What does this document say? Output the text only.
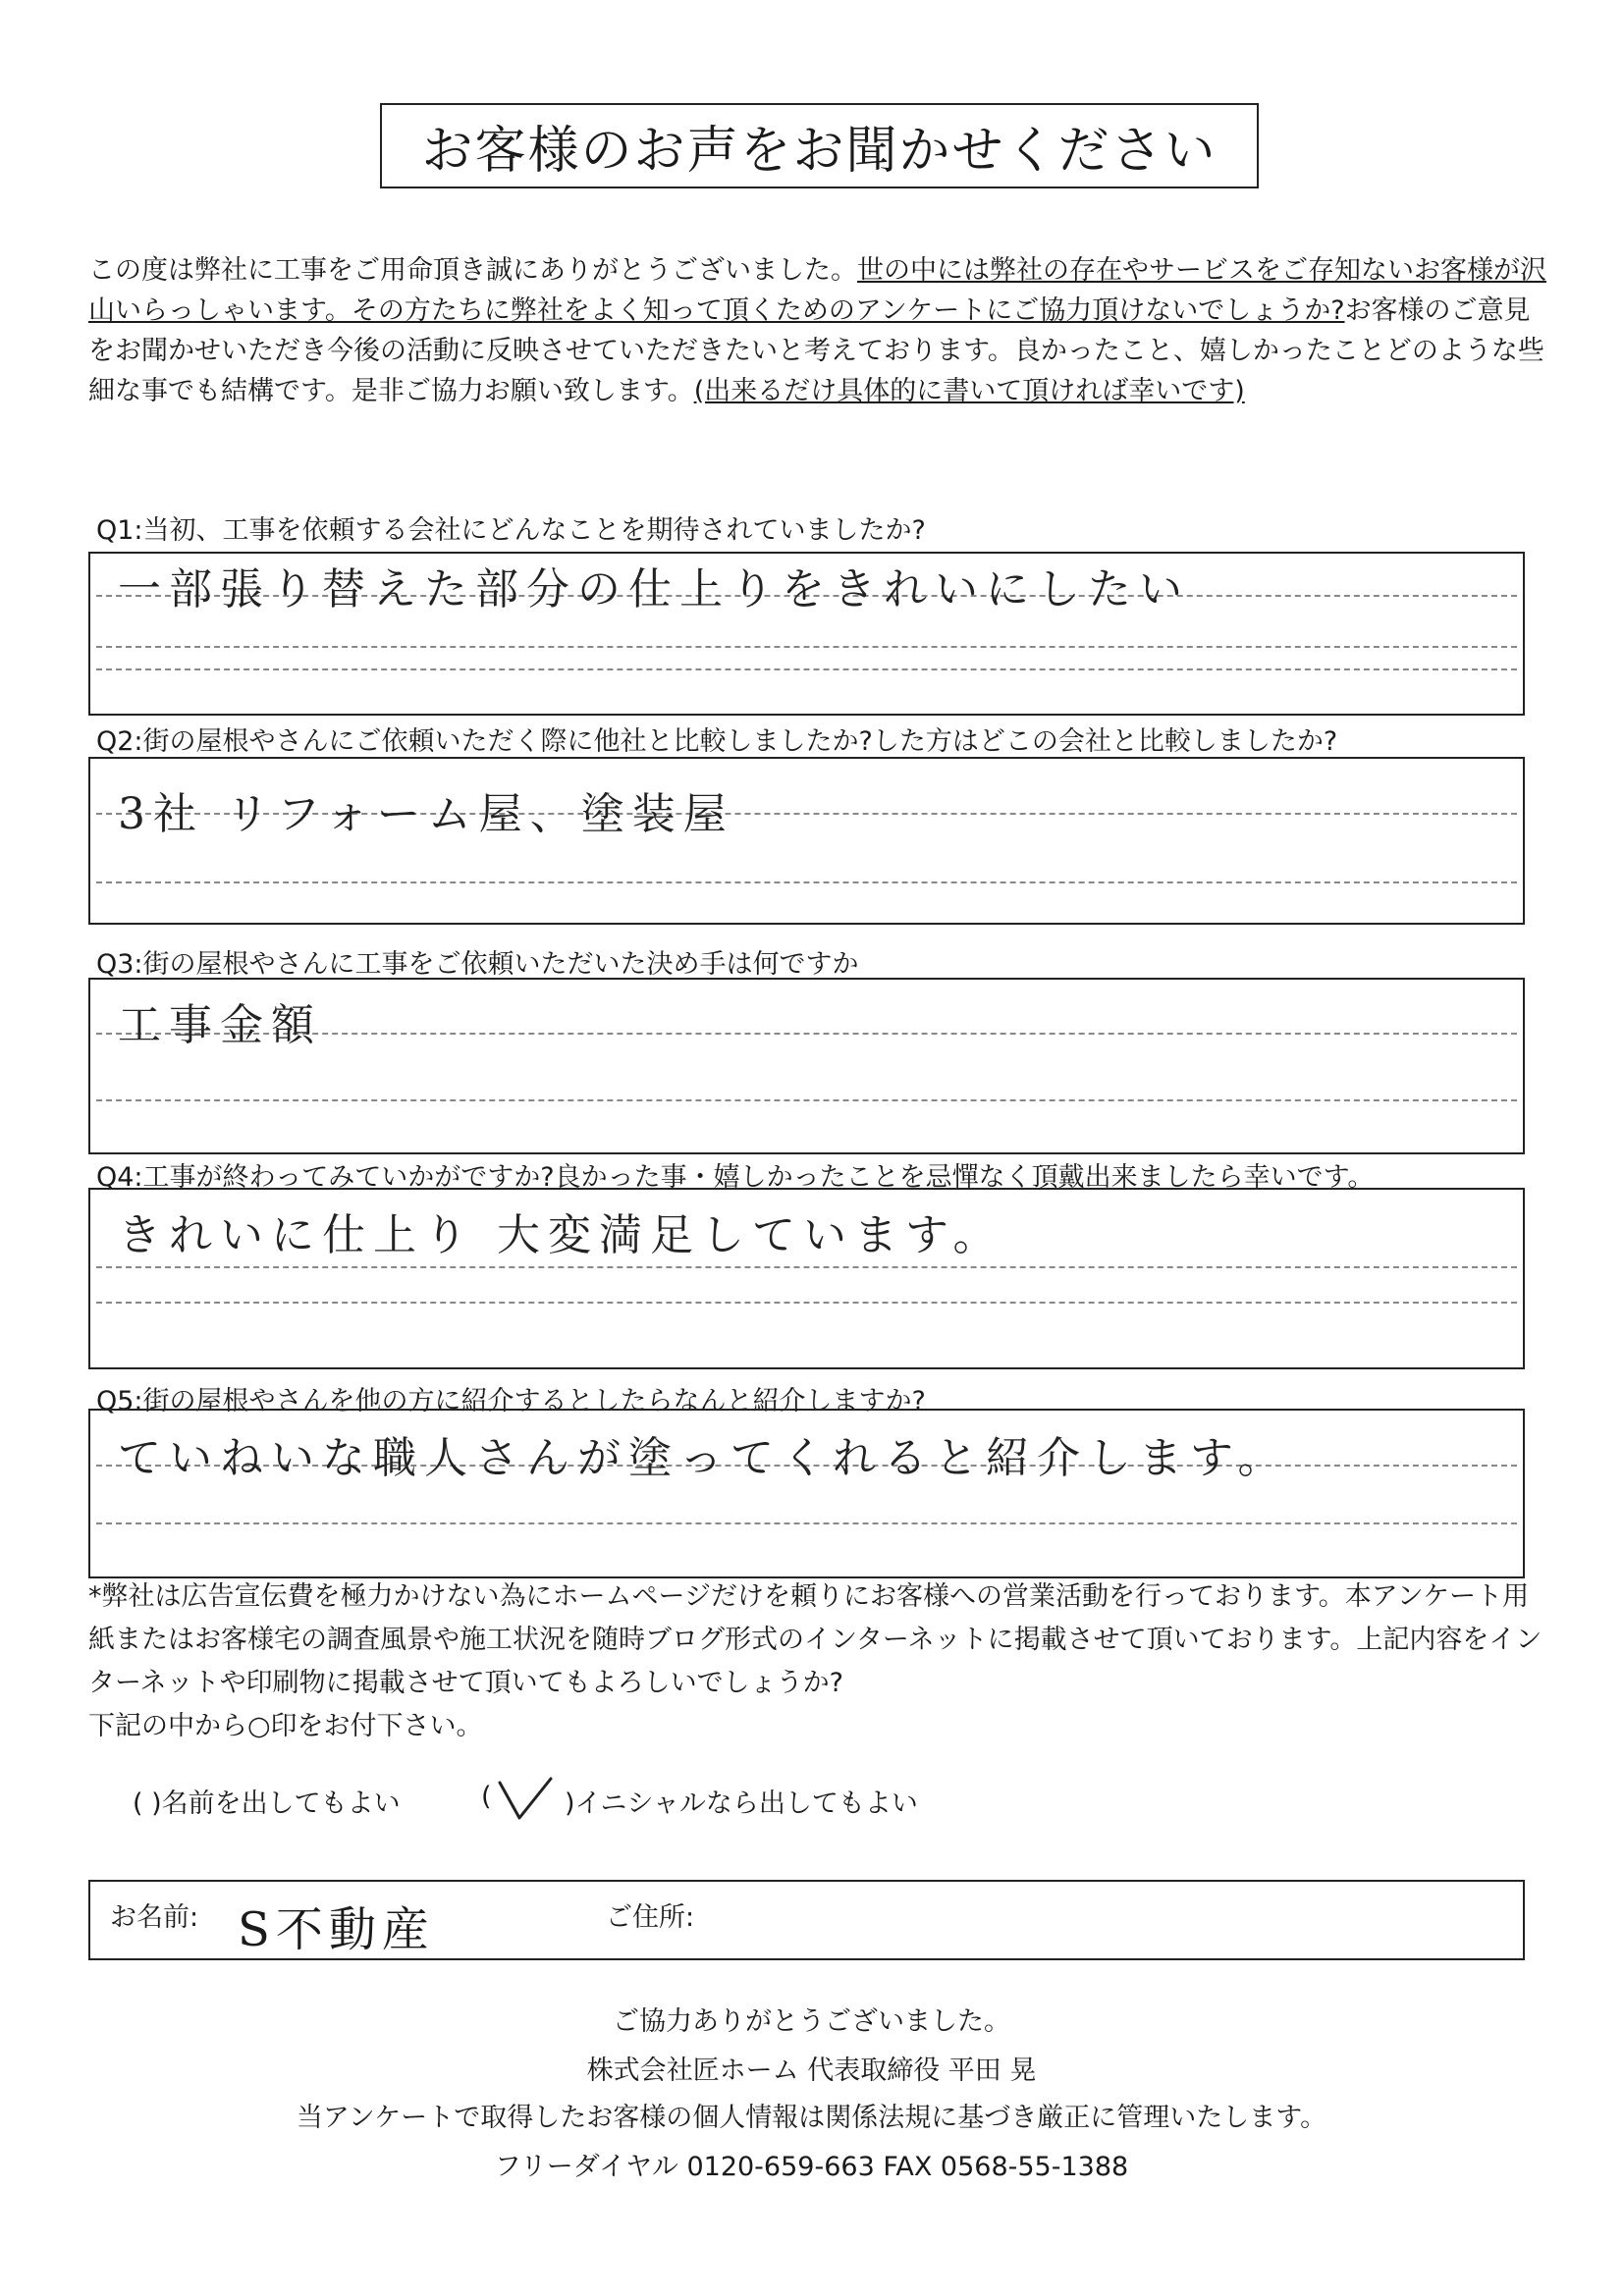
お客様のお声をお聞かせください

この度は弊社に工事をご用命頂き誠にありがとうございました。世の中には弊社の存在やサービスをご存知ないお客様が沢山いらっしゃいます。その方たちに弊社をよく知って頂くためのアンケートにご協力頂けないでしょうか?お客様のご意見をお聞かせいただき今後の活動に反映させていただきたいと考えております。良かったこと、嬉しかったことどのような些細な事でも結構です。是非ご協力お願い致します。(出来るだけ具体的に書いて頂ければ幸いです)

Q1:当初、工事を依頼する会社にどんなことを期待されていましたか?
一部張り替えた部分の仕上りをきれいにしたい
Q2:街の屋根やさんにご依頼いただく際に他社と比較しましたか?した方はどこの会社と比較しましたか?
3社 リフォーム屋、塗装屋
Q3:街の屋根やさんに工事をご依頼いただいた決め手は何ですか
工事金額
Q4:工事が終わってみていかがですか?良かった事・嬉しかったことを忌憚なく頂戴出来ましたら幸いです。
きれいに仕上り 大変満足しています。
Q5:街の屋根やさんを他の方に紹介するとしたらなんと紹介しますか?
ていねいな職人さんが塗ってくれると紹介します。

*弊社は広告宣伝費を極力かけない為にホームページだけを頼りにお客様への営業活動を行っております。本アンケート用紙またはお客様宅の調査風景や施工状況を随時ブログ形式のインターネットに掲載させて頂いております。上記内容をインターネットや印刷物に掲載させて頂いてもよろしいでしょうか?
下記の中から○印をお付下さい。

( )名前を出してもよい	(	)イニシャルなら出してもよい
お名前: S不動産	ご住所:
ご協力ありがとうございました。
株式会社匠ホーム 代表取締役 平田 晃
当アンケートで取得したお客様の個人情報は関係法規に基づき厳正に管理いたします。
フリーダイヤル 0120-659-663 FAX 0568-55-1388
